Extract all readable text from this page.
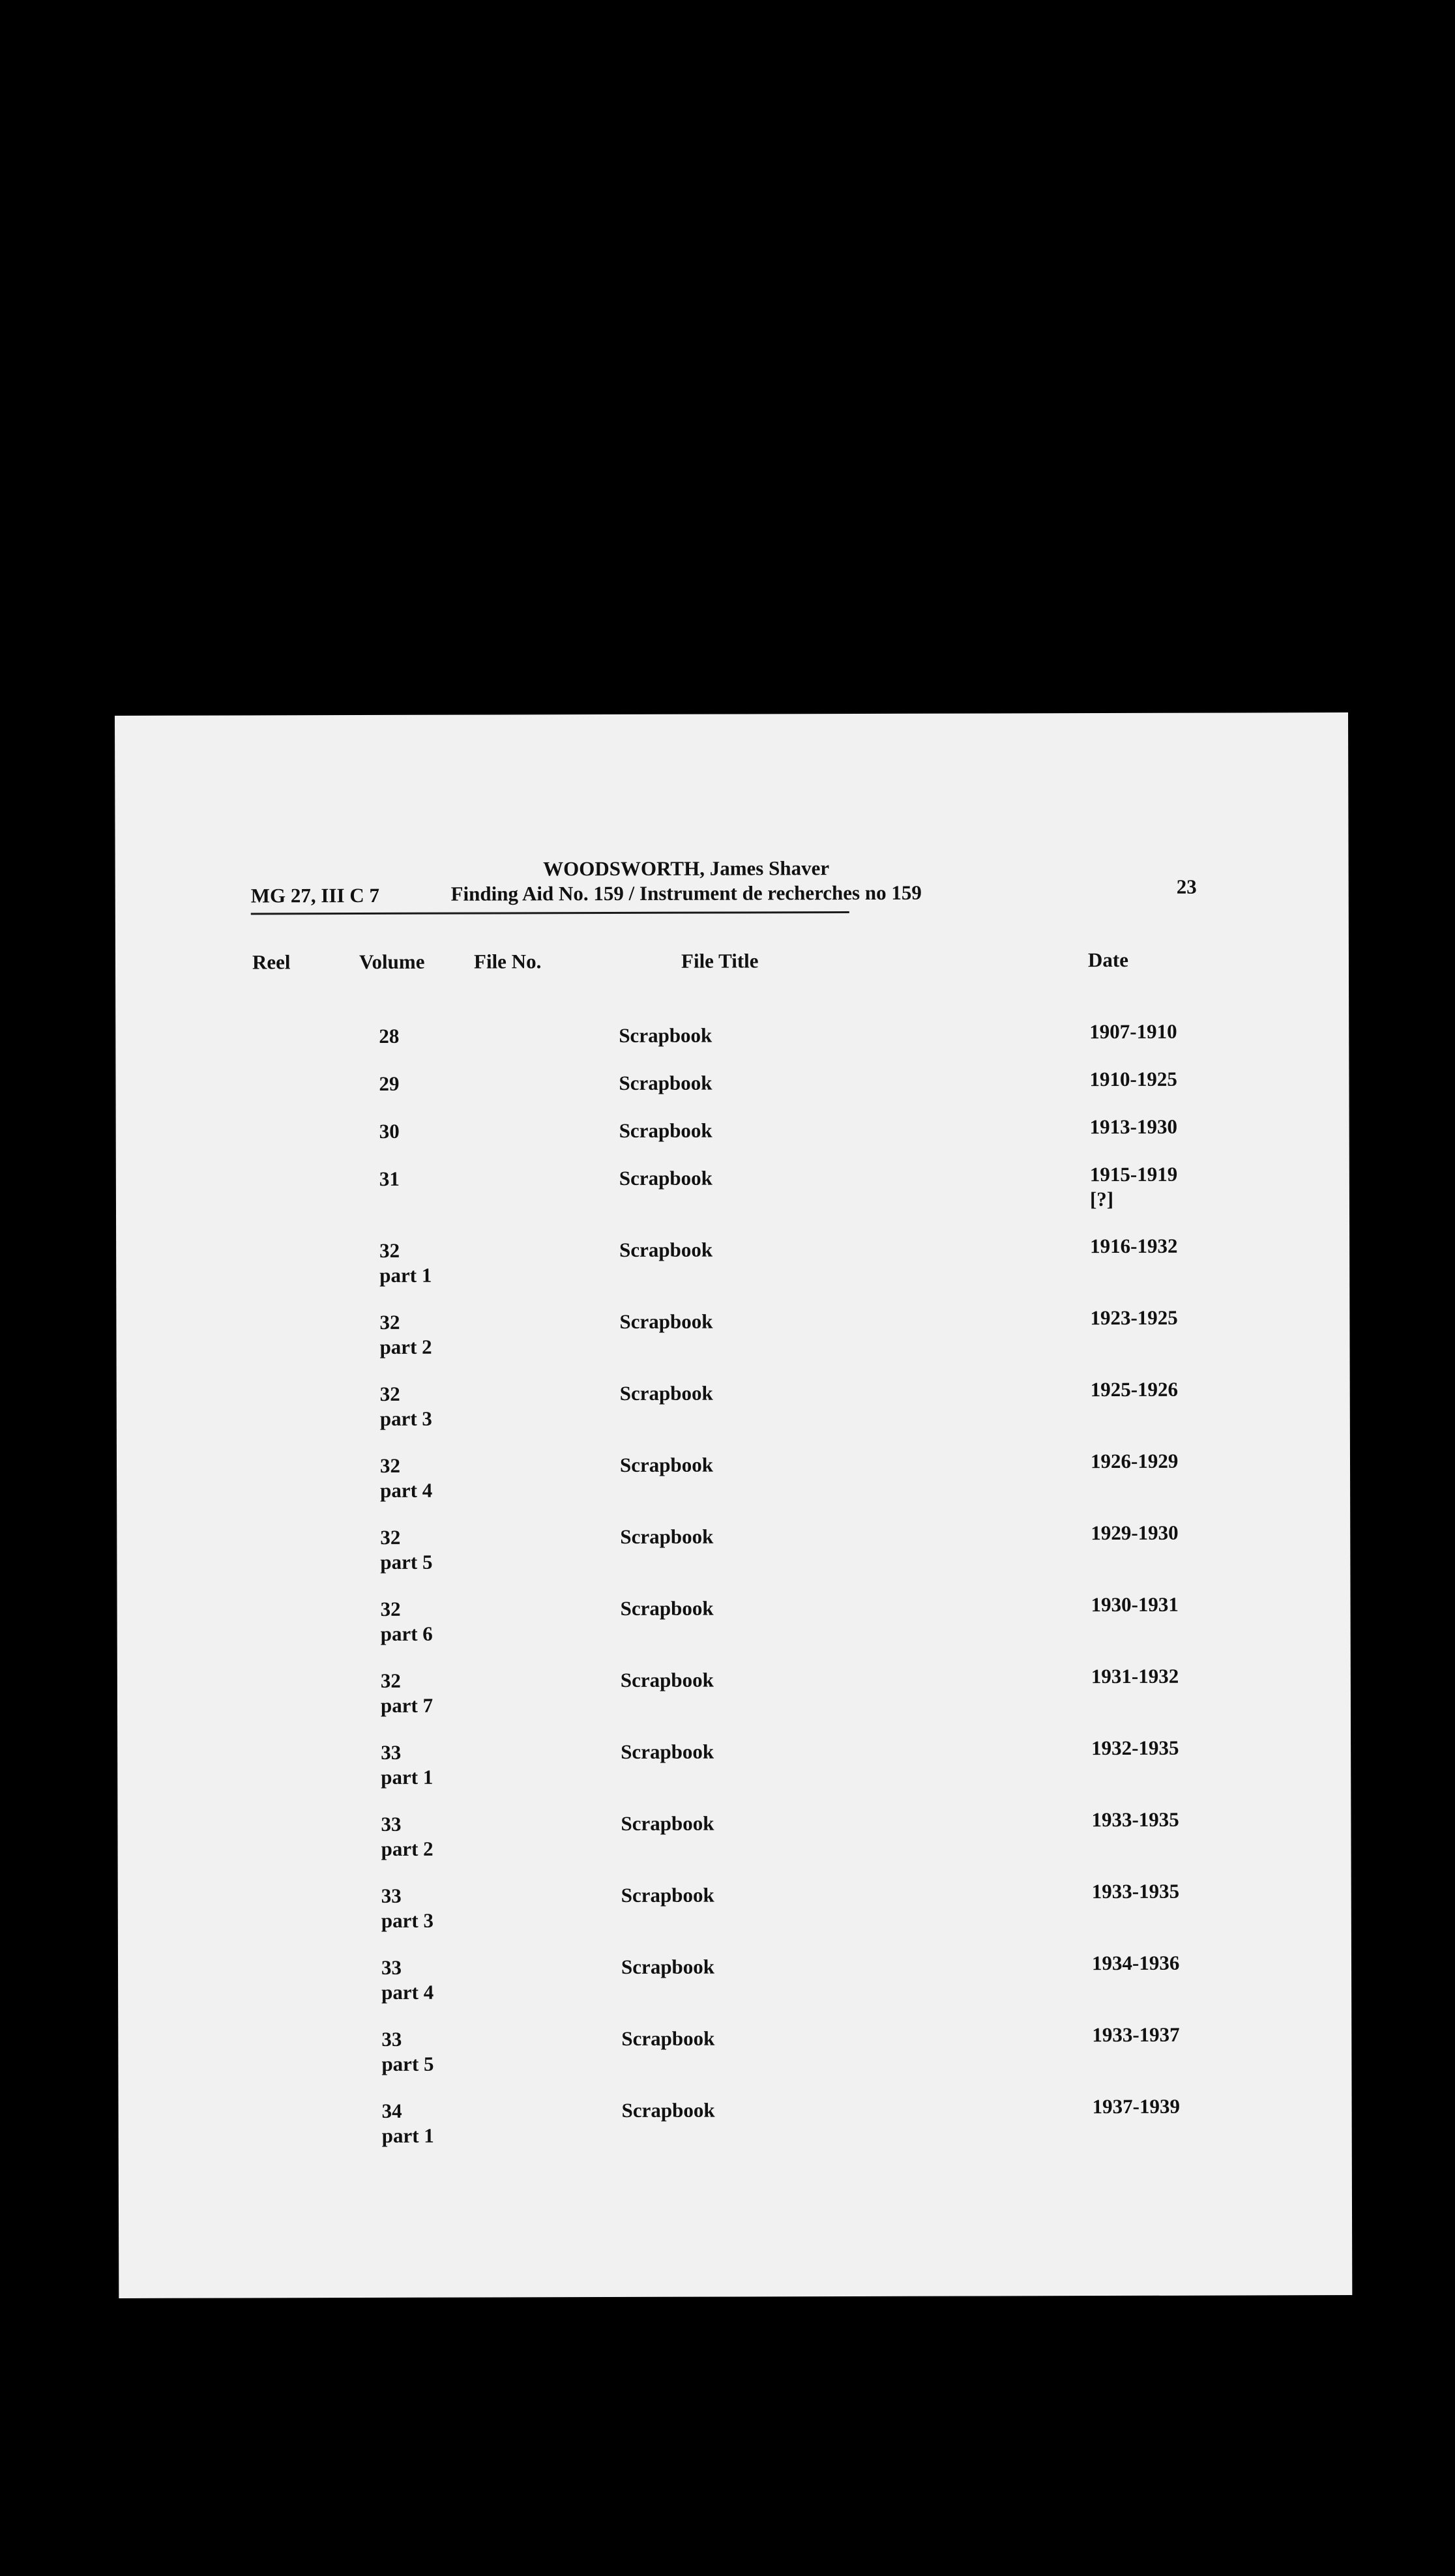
WOODSWORTH, James Shaver
Finding Aid No. 159 / Instrument de recherches no 159
MG 27, III C 7	23
Reel	Volume File No.	File Title	Date
28	Scrapbook	1907-1910
29	Scrapbook	1910-1925
30	Scrapbook	1913-1930
31	Scrapbook	1915-1919
[?]
32
part 1
Scrapbook	1916-1932
32
part 2
Scrapbook	1923-1925
32
part 3
Scrapbook	1925-1926
32
part 4
Scrapbook	1926-1929
32
part 5
Scrapbook	1929-1930
32
part 6
Scrapbook	1930-1931
32
part 7
Scrapbook	1931-1932
33
part 1
Scrapbook	1932-1935
33
part 2
Scrapbook	1933-1935
33
part 3
Scrapbook	1933-1935
33
part 4
Scrapbook	1934-1936
33
part 5
Scrapbook	1933-1937
34
part 1
Scrapbook	1937-1939
